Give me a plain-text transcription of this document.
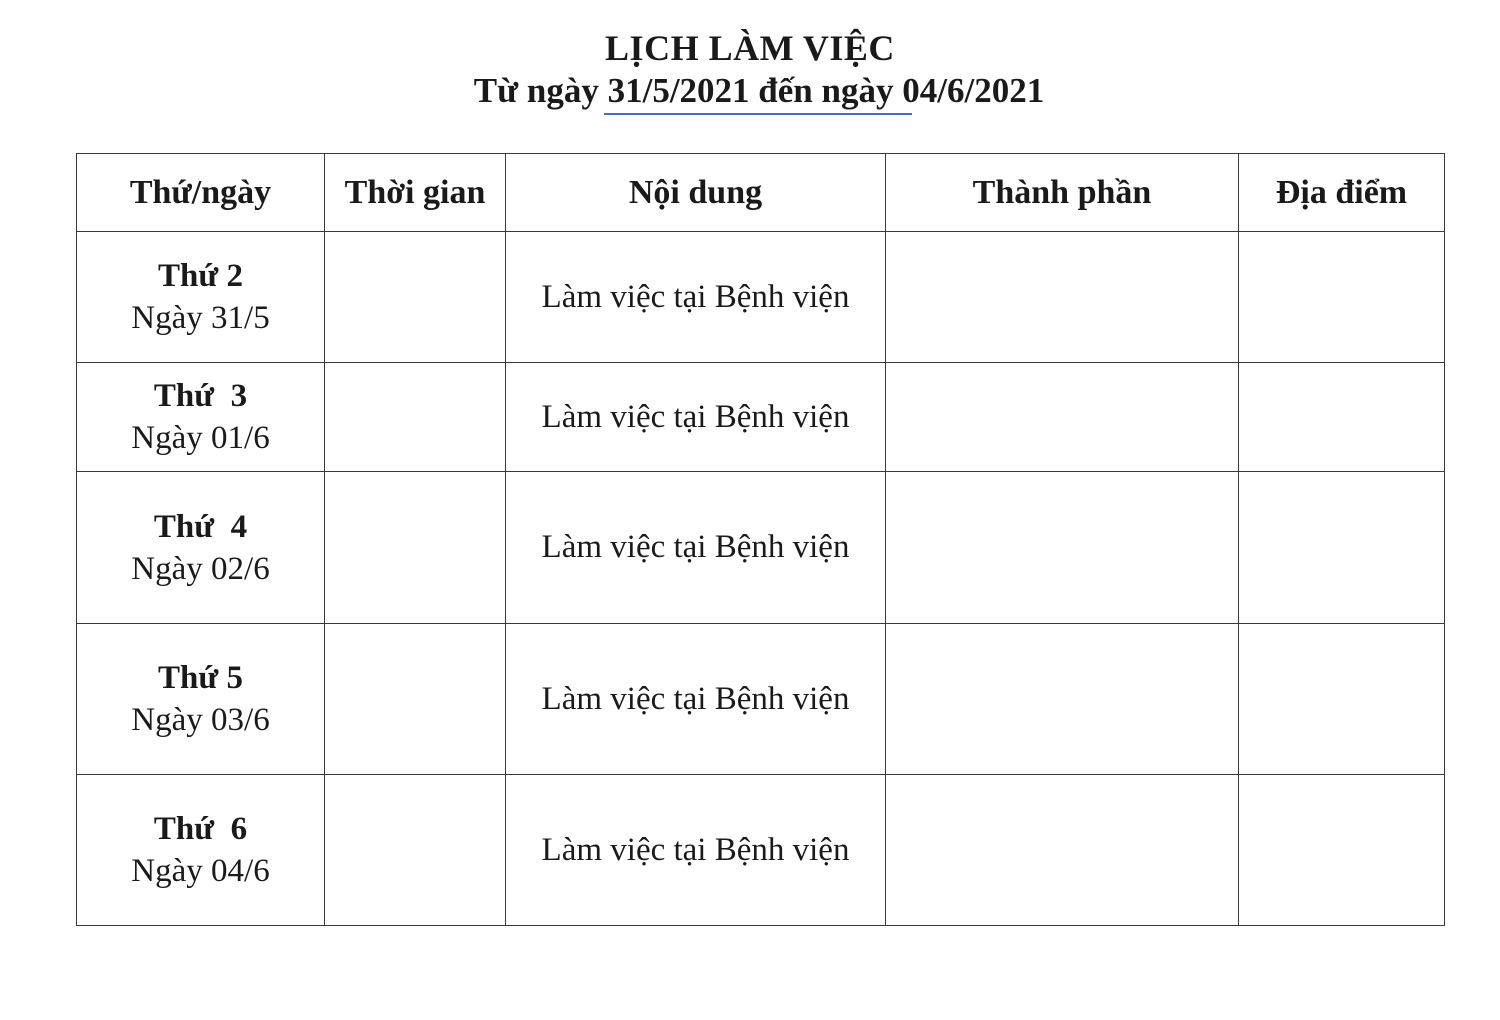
LỊCH LÀM VIỆC
Từ ngày 31/5/2021 đến ngày 04/6/2021
Thứ/ngày	Thời gian	Nội dung	Thành phần	Địa điểm

Thứ 2
Ngày 31/5		Làm việc tại Bệnh viện		

Thứ  3
Ngày 01/6		Làm việc tại Bệnh viện		

Thứ  4
Ngày 02/6		Làm việc tại Bệnh viện		

Thứ 5
Ngày 03/6		Làm việc tại Bệnh viện		

Thứ  6
Ngày 04/6		Làm việc tại Bệnh viện		
